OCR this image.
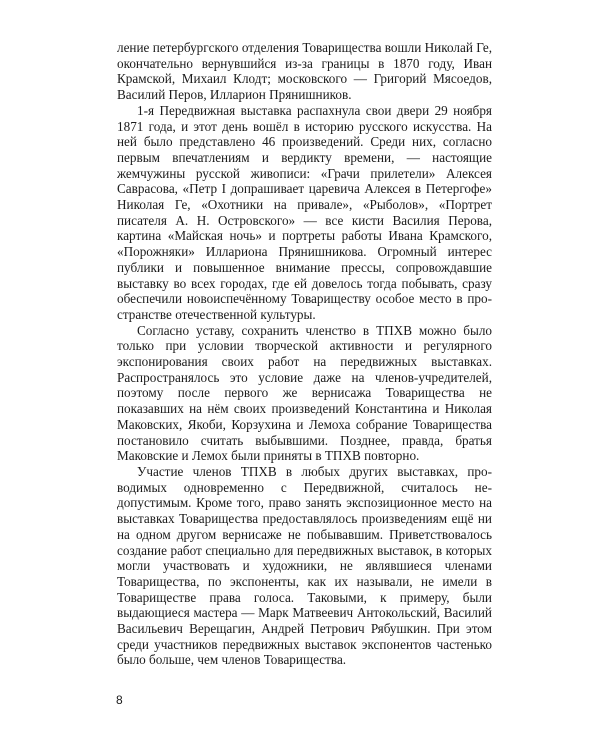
ление петербургского отделения Товарищества вошли Николай Ге, окончательно вернувшийся из-за границы в 1870 году, Иван Крамской, Михаил Клодт; московского — Григорий Мясоедов, Василий Перов, Илларион Прянишников.

1-я Передвижная выставка распахнула свои двери 29 ноября 1871 года, и этот день вошёл в историю русского искусства. На ней было представлено 46 произведений. Среди них, согласно первым впечатлениям и вердикту времени, — настоящие жемчужины русской живописи: «Грачи прилетели» Алексея Саврасова, «Петр I допрашивает царевича Алексея в Петергофе» Николая Ге, «Охотники на привале», «Рыболов», «Портрет писателя А. Н. Островского» — все кисти Василия Перова, картина «Майская ночь» и портреты работы Ивана Крамского, «Порожняки» Иллариона Прянишникова. Огромный интерес публики и повышенное внимание прессы, сопровождавшие выставку во всех городах, где ей довелось тогда побывать, сразу обеспечили новоиспечённому Товариществу особое место в пространстве отечественной культуры.

Согласно уставу, сохранить членство в ТПХВ можно было только при условии творческой активности и регулярного экспонирования своих работ на передвижных выставках. Распространялось это условие даже на членов-учредителей, поэтому после первого же вернисажа Товарищества не показавших на нём своих произведений Константина и Николая Маковских, Якоби, Корзухина и Лемоха собрание Товарищества постановило считать выбывшими. Позднее, правда, братья Маковские и Лемох были приняты в ТПХВ повторно.

Участие членов ТПХВ в любых других выставках, проводимых одновременно с Передвижной, считалось недопустимым. Кроме того, право занять экспозиционное место на выставках Товарищества предоставлялось произведениям ещё ни на одном другом вернисаже не побывавшим. Приветствовалось создание работ специально для передвижных выставок, в которых могли участвовать и художники, не являвшиеся членами Товарищества, по экспоненты, как их называли, не имели в Товариществе права голоса. Таковыми, к примеру, были выдающиеся мастера — Марк Матвеевич Антокольский, Василий Васильевич Верещагин, Андрей Петрович Рябушкин. При этом среди участников передвижных выставок экспонентов частенько было больше, чем членов Товарищества.

8
